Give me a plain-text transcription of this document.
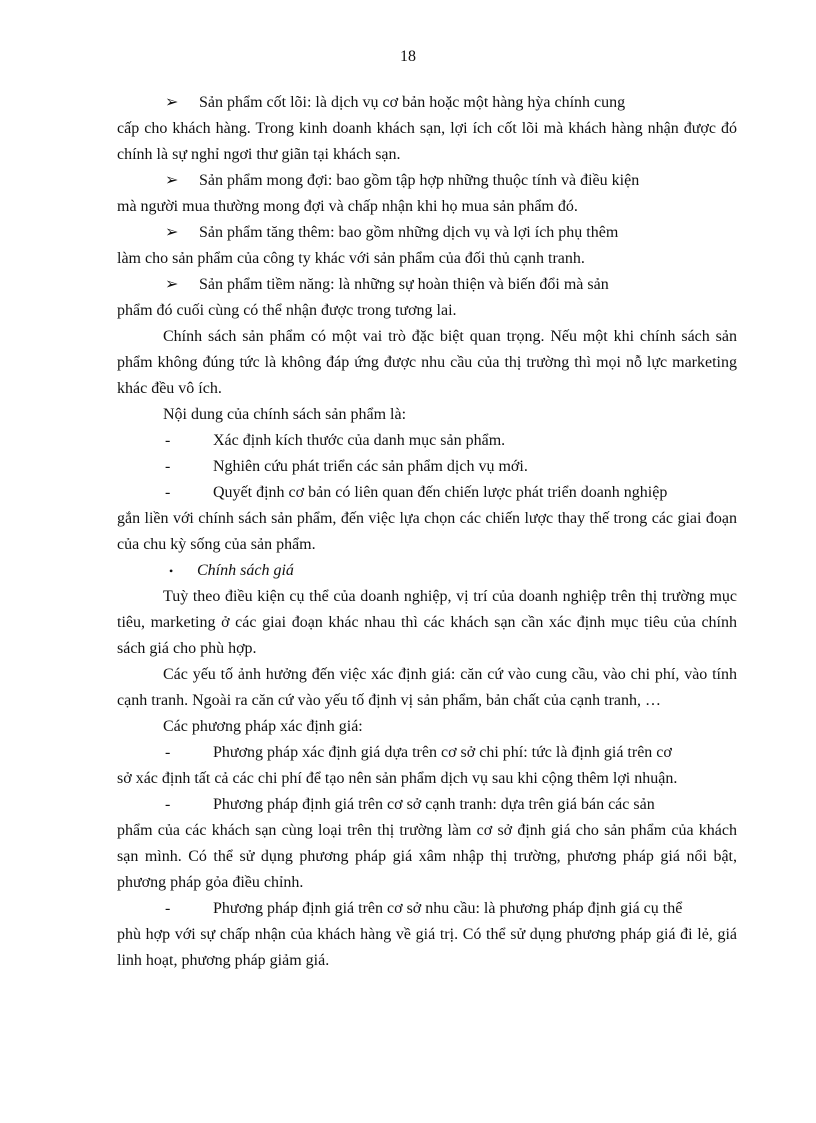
18
➢	Sản phẩm cốt lõi: là dịch vụ cơ bản hoặc một hàng hỳa chính cung

cấp cho khách hàng. Trong kinh doanh khách sạn, lợi ích cốt lõi mà khách hàng nhận được đó chính là sự nghỉ ngơi thư giãn tại khách sạn.

➢	Sản phẩm mong đợi: bao gồm tập hợp những thuộc tính và điều kiện

mà người mua thường mong đợi và chấp nhận khi họ mua sản phẩm đó.

➢	Sản phẩm tăng thêm: bao gồm những dịch vụ và lợi ích phụ thêm

làm cho sản phẩm của công ty khác với sản phẩm của đối thủ cạnh tranh.

➢	Sản phẩm tiềm năng: là những sự hoàn thiện và biến đổi mà sản

phẩm đó cuối cùng có thể nhận được trong tương lai.

Chính sách sản phẩm có một vai trò đặc biệt quan trọng. Nếu một khi chính sách sản phẩm không đúng tức là không đáp ứng được nhu cầu của thị trường thì mọi nỗ lực marketing khác đều vô ích.

Nội dung của chính sách sản phẩm là:

-	Xác định kích thước của danh mục sản phẩm.
-	Nghiên cứu phát triển các sản phẩm dịch vụ mới.
-	Quyết định cơ bản có liên quan đến chiến lược phát triển doanh nghiệp

gắn liền với chính sách sản phẩm, đến việc lựa chọn các chiến lược thay thế trong các giai đoạn của chu kỳ sống của sản phẩm.

•	Chính sách giá

Tuỳ theo điều kiện cụ thể của doanh nghiệp, vị trí của doanh nghiệp trên thị trường mục tiêu, marketing ở các giai đoạn khác nhau thì các khách sạn cần xác định mục tiêu của chính sách giá cho phù hợp.

Các yếu tố ảnh hưởng đến việc xác định giá: căn cứ vào cung cầu, vào chi phí, vào tính cạnh tranh. Ngoài ra căn cứ vào yếu tố định vị sản phẩm, bản chất của cạnh tranh, …

Các phương pháp xác định giá:

-	Phương pháp xác định giá dựa trên cơ sở chi phí: tức là định giá trên cơ

sở xác định tất cả các chi phí để tạo nên sản phẩm dịch vụ sau khi cộng thêm lợi nhuận.

-	Phương pháp định giá trên cơ sở cạnh tranh: dựa trên giá bán các sản

phẩm của các khách sạn cùng loại trên thị trường làm cơ sở định giá cho sản phẩm của khách sạn mình. Có thể sử dụng phương pháp giá xâm nhập thị trường, phương pháp giá nổi bật, phương pháp gỏa điều chỉnh.

-	Phương pháp định giá trên cơ sở nhu cầu: là phương pháp định giá cụ thể

phù hợp với sự chấp nhận của khách hàng về giá trị. Có thể sử dụng phương pháp giá đi lẻ, giá linh hoạt, phương pháp giảm giá.
